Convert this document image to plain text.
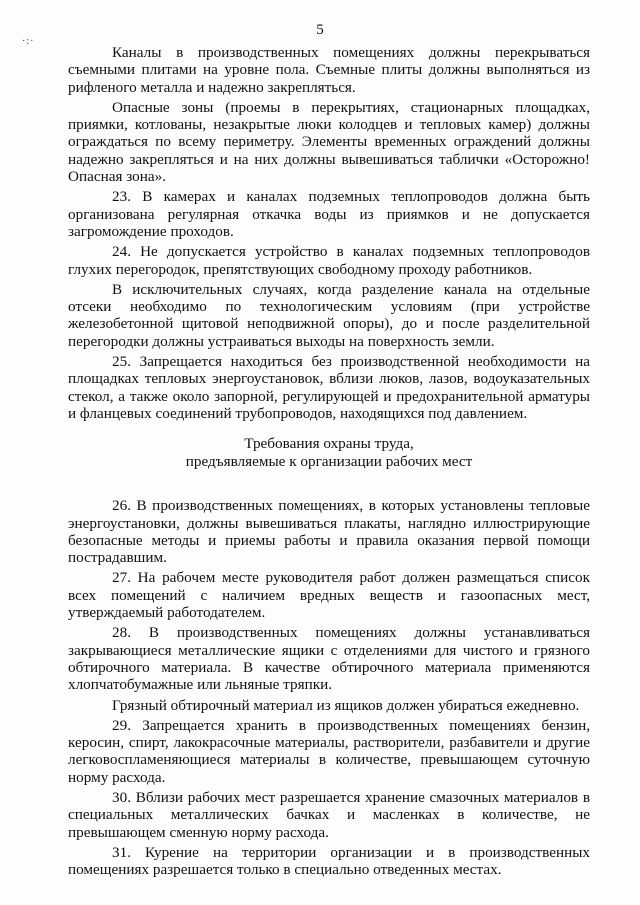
·:·
5

Каналы в производственных помещениях должны перекрываться съемными плитами на уровне пола. Съемные плиты должны выполняться из рифленого металла и надежно закрепляться.

Опасные зоны (проемы в перекрытиях, стационарных площадках, приямки, котлованы, незакрытые люки колодцев и тепловых камер) должны ограждаться по всему периметру. Элементы временных ограждений должны надежно закрепляться и на них должны вывешиваться таблички «Осторожно! Опасная зона».

23. В камерах и каналах подземных теплопроводов должна быть организована регулярная откачка воды из приямков и не допускается загромождение проходов.

24. Не допускается устройство в каналах подземных теплопроводов глухих перегородок, препятствующих свободному проходу работников.

В исключительных случаях, когда разделение канала на отдельные отсеки необходимо по технологическим условиям (при устройстве железобетонной щитовой неподвижной опоры), до и после разделительной перегородки должны устраиваться выходы на поверхность земли.

25. Запрещается находиться без производственной необходимости на площадках тепловых энергоустановок, вблизи люков, лазов, водоуказательных стекол, а также около запорной, регулирующей и предохранительной арматуры и фланцевых соединений трубопроводов, находящихся под давлением.

Требования охраны труда,
предъявляемые к организации рабочих мест

26. В производственных помещениях, в которых установлены тепловые энергоустановки, должны вывешиваться плакаты, наглядно иллюстрирующие безопасные методы и приемы работы и правила оказания первой помощи пострадавшим.

27. На рабочем месте руководителя работ должен размещаться список всех помещений с наличием вредных веществ и газоопасных мест, утверждаемый работодателем.

28. В производственных помещениях должны устанавливаться закрывающиеся металлические ящики с отделениями для чистого и грязного обтирочного материала. В качестве обтирочного материала применяются хлопчатобумажные или льняные тряпки.

Грязный обтирочный материал из ящиков должен убираться ежедневно.

29. Запрещается хранить в производственных помещениях бензин, керосин, спирт, лакокрасочные материалы, растворители, разбавители и другие легковоспламеняющиеся материалы в количестве, превышающем суточную норму расхода.

30. Вблизи рабочих мест разрешается хранение смазочных материалов в специальных металлических бачках и масленках в количестве, не превышающем сменную норму расхода.

31. Курение на территории организации и в производственных помещениях разрешается только в специально отведенных местах.
